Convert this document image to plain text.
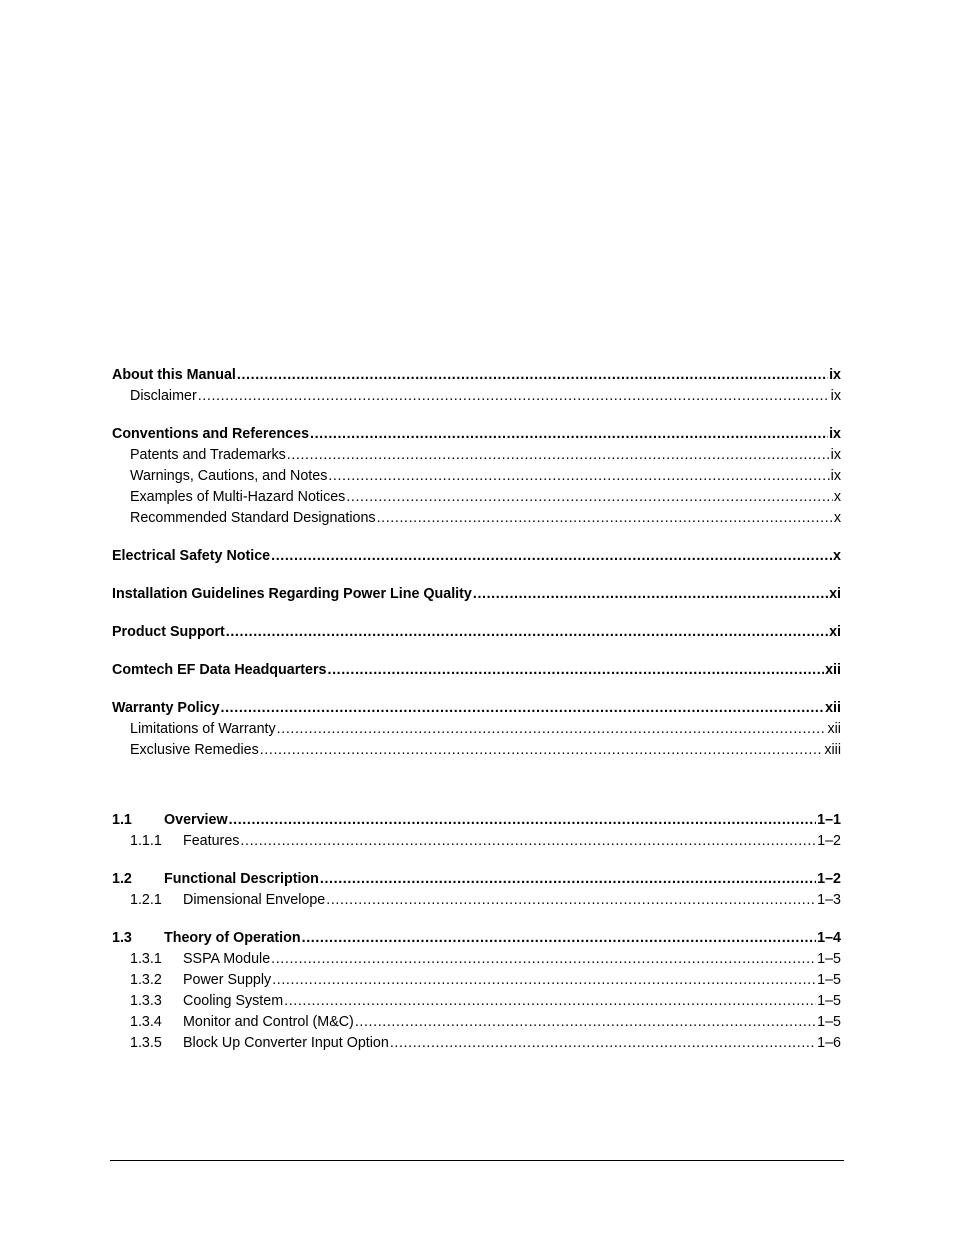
About this Manual .....	ix
Disclaimer .....	ix
Conventions and References .....	ix
Patents and Trademarks .....	ix
Warnings, Cautions, and Notes .....	ix
Examples of Multi-Hazard Notices .....	x
Recommended Standard Designations .....	x
Electrical Safety Notice .....	x
Installation Guidelines Regarding Power Line Quality .....	xi
Product Support .....	xi
Comtech EF Data Headquarters .....	xii
Warranty Policy .....	xii
Limitations of Warranty .....	xii
Exclusive Remedies .....	xiii
1.1	Overview .....	1–1
1.1.1	Features .....	1–2
1.2	Functional Description .....	1–2
1.2.1	Dimensional Envelope .....	1–3
1.3	Theory of Operation .....	1–4
1.3.1	SSPA Module .....	1–5
1.3.2	Power Supply .....	1–5
1.3.3	Cooling System .....	1–5
1.3.4	Monitor and Control (M&C) .....	1–5
1.3.5	Block Up Converter Input Option .....	1–6
